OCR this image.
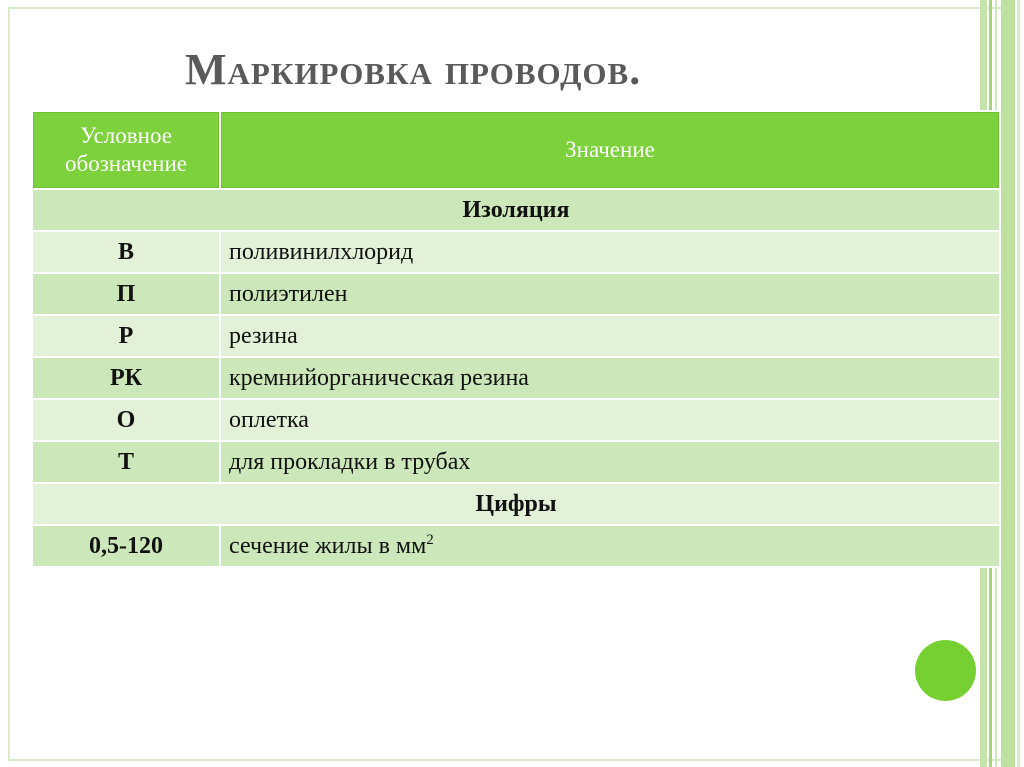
Маркировка проводов.
Условное обозначение	Значение
Изоляция	
В	поливинилхлорид
П	полиэтилен
Р	резина
РК	кремнийорганическая резина
О	оплетка
Т	для прокладки в трубах
Цифры	
0,5-120	сечение жилы в $мм^2$
